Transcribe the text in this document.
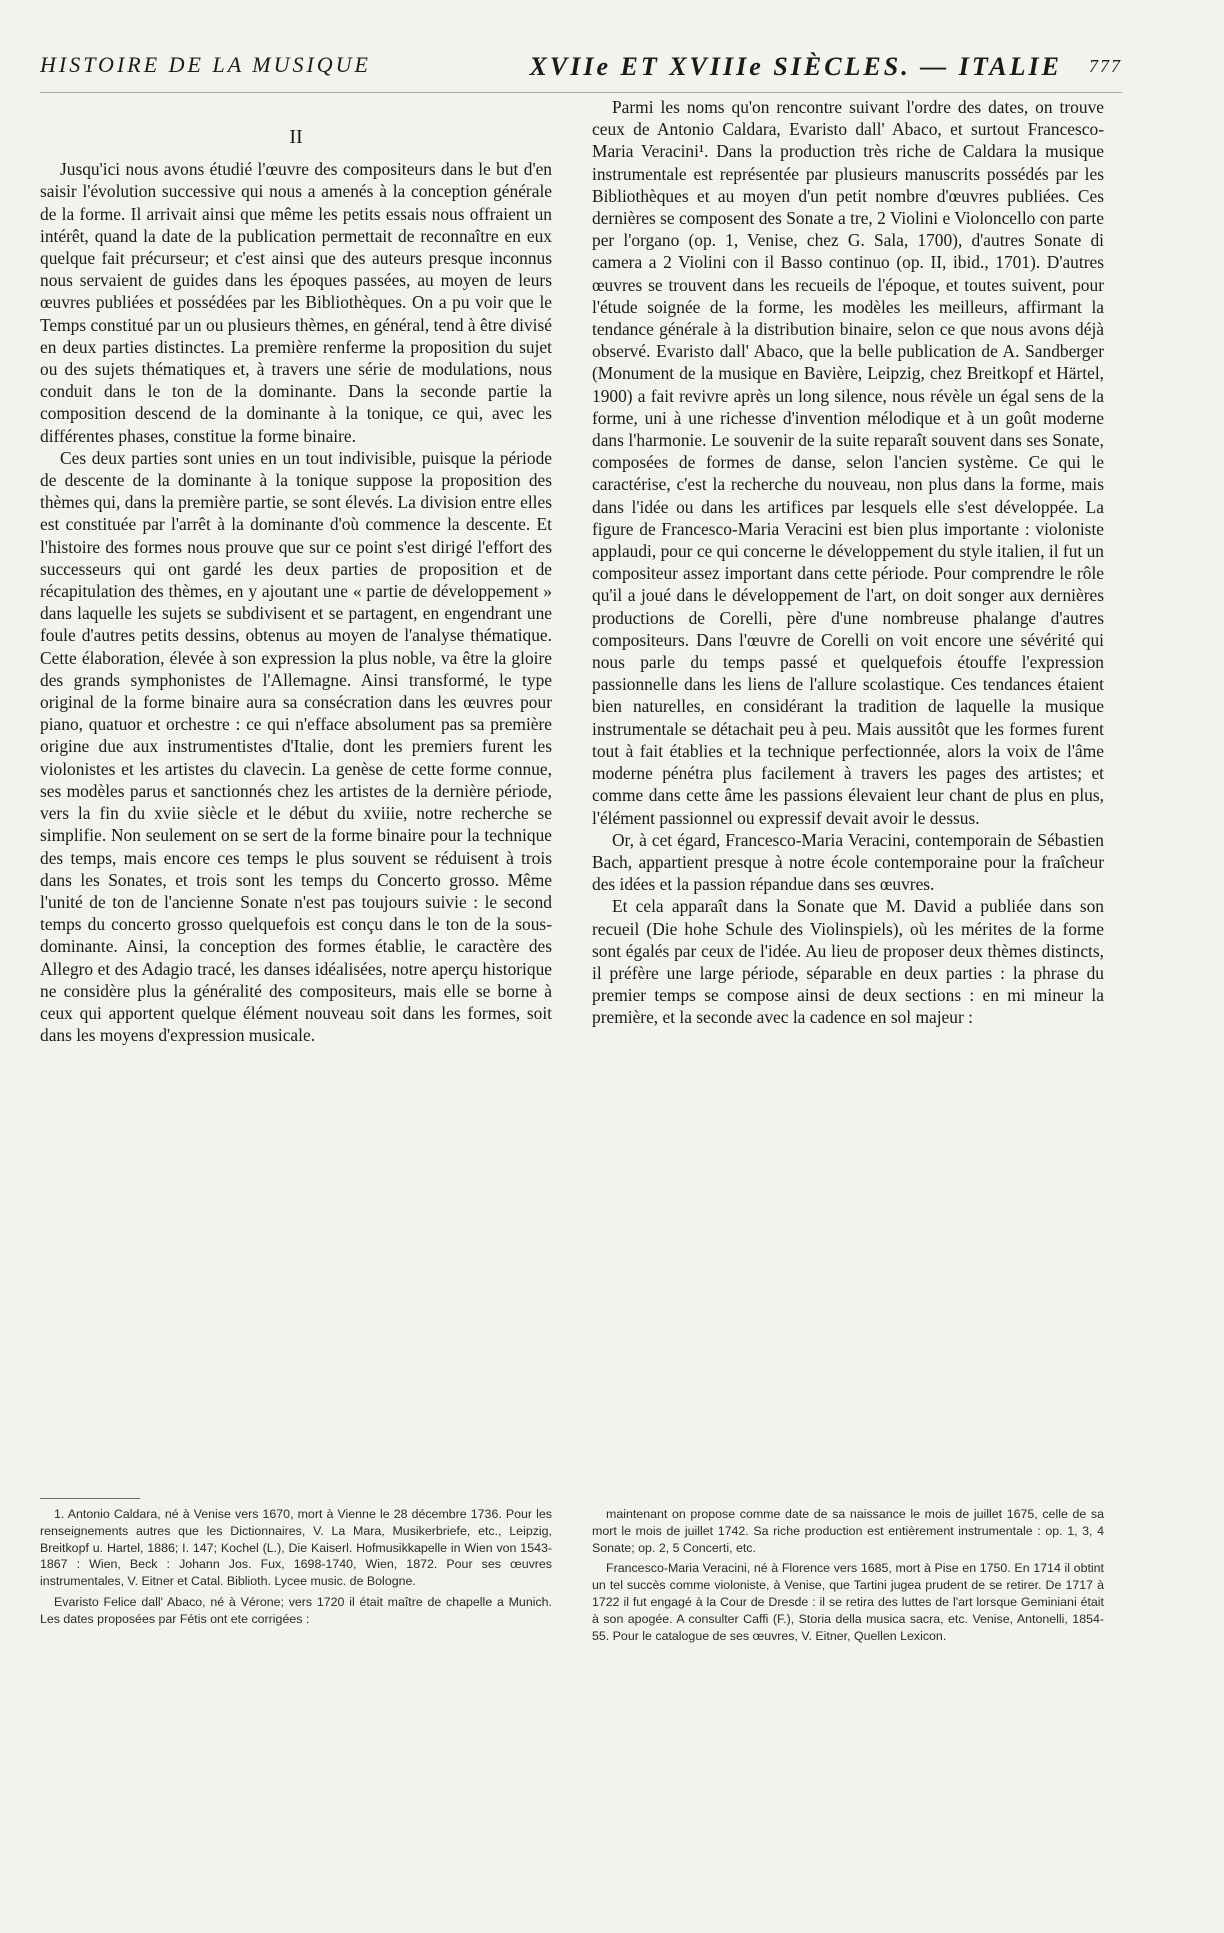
HISTOIRE DE LA MUSIQUE	XVIIe ET XVIIIe SIÈCLES. — ITALIE 777
II

Jusqu'ici nous avons étudié l'œuvre des compositeurs dans le but d'en saisir l'évolution successive qui nous a amenés à la conception générale de la forme. Il arrivait ainsi que même les petits essais nous offraient un intérêt, quand la date de la publication permettait de reconnaître en eux quelque fait précurseur; et c'est ainsi que des auteurs presque inconnus nous servaient de guides dans les époques passées, au moyen de leurs œuvres publiées et possédées par les Bibliothèques. On a pu voir que le Temps constitué par un ou plusieurs thèmes, en général, tend à être divisé en deux parties distinctes. La première renferme la proposition du sujet ou des sujets thématiques et, à travers une série de modulations, nous conduit dans le ton de la dominante. Dans la seconde partie la composition descend de la dominante à la tonique, ce qui, avec les différentes phases, constitue la forme binaire.

Ces deux parties sont unies en un tout indivisible, puisque la période de descente de la dominante à la tonique suppose la proposition des thèmes qui, dans la première partie, se sont élevés. La division entre elles est constituée par l'arrêt à la dominante d'où commence la descente. Et l'histoire des formes nous prouve que sur ce point s'est dirigé l'effort des successeurs qui ont gardé les deux parties de proposition et de récapitulation des thèmes, en y ajoutant une « partie de développement » dans laquelle les sujets se subdivisent et se partagent, en engendrant une foule d'autres petits dessins, obtenus au moyen de l'analyse thématique. Cette élaboration, élevée à son expression la plus noble, va être la gloire des grands symphonistes de l'Allemagne. Ainsi transformé, le type original de la forme binaire aura sa consécration dans les œuvres pour piano, quatuor et orchestre : ce qui n'efface absolument pas sa première origine due aux instrumentistes d'Italie, dont les premiers furent les violonistes et les artistes du clavecin. La genèse de cette forme connue, ses modèles parus et sanctionnés chez les artistes de la dernière période, vers la fin du xviie siècle et le début du xviiie, notre recherche se simplifie. Non seulement on se sert de la forme binaire pour la technique des temps, mais encore ces temps le plus souvent se réduisent à trois dans les Sonates, et trois sont les temps du Concerto grosso. Même l'unité de ton de l'ancienne Sonate n'est pas toujours suivie : le second temps du concerto grosso quelquefois est conçu dans le ton de la sous-dominante. Ainsi, la conception des formes établie, le caractère des Allegro et des Adagio tracé, les danses idéalisées, notre aperçu historique ne considère plus la généralité des compositeurs, mais elle se borne à ceux qui apportent quelque élément nouveau soit dans les formes, soit dans les moyens d'expression musicale.

Parmi les noms qu'on rencontre suivant l'ordre des dates, on trouve ceux de Antonio Caldara, Evaristo dall' Abaco, et surtout Francesco-Maria Veracini¹. Dans la production très riche de Caldara la musique instrumentale est représentée par plusieurs manuscrits possédés par les Bibliothèques et au moyen d'un petit nombre d'œuvres publiées. Ces dernières se composent des Sonate a tre, 2 Violini e Violoncello con parte per l'organo (op. 1, Venise, chez G. Sala, 1700), d'autres Sonate di camera a 2 Violini con il Basso continuo (op. II, ibid., 1701). D'autres œuvres se trouvent dans les recueils de l'époque, et toutes suivent, pour l'étude soignée de la forme, les modèles les meilleurs, affirmant la tendance générale à la distribution binaire, selon ce que nous avons déjà observé. Evaristo dall' Abaco, que la belle publication de A. Sandberger (Monument de la musique en Bavière, Leipzig, chez Breitkopf et Härtel, 1900) a fait revivre après un long silence, nous révèle un égal sens de la forme, uni à une richesse d'invention mélodique et à un goût moderne dans l'harmonie. Le souvenir de la suite reparaît souvent dans ses Sonate, composées de formes de danse, selon l'ancien système. Ce qui le caractérise, c'est la recherche du nouveau, non plus dans la forme, mais dans l'idée ou dans les artifices par lesquels elle s'est développée. La figure de Francesco-Maria Veracini est bien plus importante : violoniste applaudi, pour ce qui concerne le développement du style italien, il fut un compositeur assez important dans cette période. Pour comprendre le rôle qu'il a joué dans le développement de l'art, on doit songer aux dernières productions de Corelli, père d'une nombreuse phalange d'autres compositeurs. Dans l'œuvre de Corelli on voit encore une sévérité qui nous parle du temps passé et quelquefois étouffe l'expression passionnelle dans les liens de l'allure scolastique. Ces tendances étaient bien naturelles, en considérant la tradition de laquelle la musique instrumentale se détachait peu à peu. Mais aussitôt que les formes furent tout à fait établies et la technique perfectionnée, alors la voix de l'âme moderne pénétra plus facilement à travers les pages des artistes; et comme dans cette âme les passions élevaient leur chant de plus en plus, l'élément passionnel ou expressif devait avoir le dessus.

Or, à cet égard, Francesco-Maria Veracini, contemporain de Sébastien Bach, appartient presque à notre école contemporaine pour la fraîcheur des idées et la passion répandue dans ses œuvres.

Et cela apparaît dans la Sonate que M. David a publiée dans son recueil (Die hohe Schule des Violinspiels), où les mérites de la forme sont égalés par ceux de l'idée. Au lieu de proposer deux thèmes distincts, il préfère une large période, séparable en deux parties : la phrase du premier temps se compose ainsi de deux sections : en mi mineur la première, et la seconde avec la cadence en sol majeur :

1. Antonio Caldara, né à Venise vers 1670, mort à Vienne le 28 décembre 1736. Pour les renseignements autres que les Dictionnaires, V. La Mara, Musikerbriefe, etc., Leipzig, Breitkopf u. Hartel, 1886; I. 147; Kochel (L.), Die Kaiserl. Hofmusikkapelle in Wien von 1543-1867 : Wien, Beck : Johann Jos. Fux, 1698-1740, Wien, 1872. Pour ses œuvres instrumentales, V. Eitner et Catal. Biblioth. Lycee music. de Bologne.

Evaristo Felice dall' Abaco, né à Vérone; vers 1720 il était maître de chapelle a Munich. Les dates proposées par Fétis ont ete corrigées :

maintenant on propose comme date de sa naissance le mois de juillet 1675, celle de sa mort le mois de juillet 1742. Sa riche production est entièrement instrumentale : op. 1, 3, 4 Sonate; op. 2, 5 Concerti, etc.

Francesco-Maria Veracini, né à Florence vers 1685, mort à Pise en 1750. En 1714 il obtint un tel succès comme violoniste, à Venise, que Tartini jugea prudent de se retirer. De 1717 à 1722 il fut engagé à la Cour de Dresde : il se retira des luttes de l'art lorsque Geminiani était à son apogée. A consulter Caffi (F.), Storia della musica sacra, etc. Venise, Antonelli, 1854-55. Pour le catalogue de ses œuvres, V. Eitner, Quellen Lexicon.
